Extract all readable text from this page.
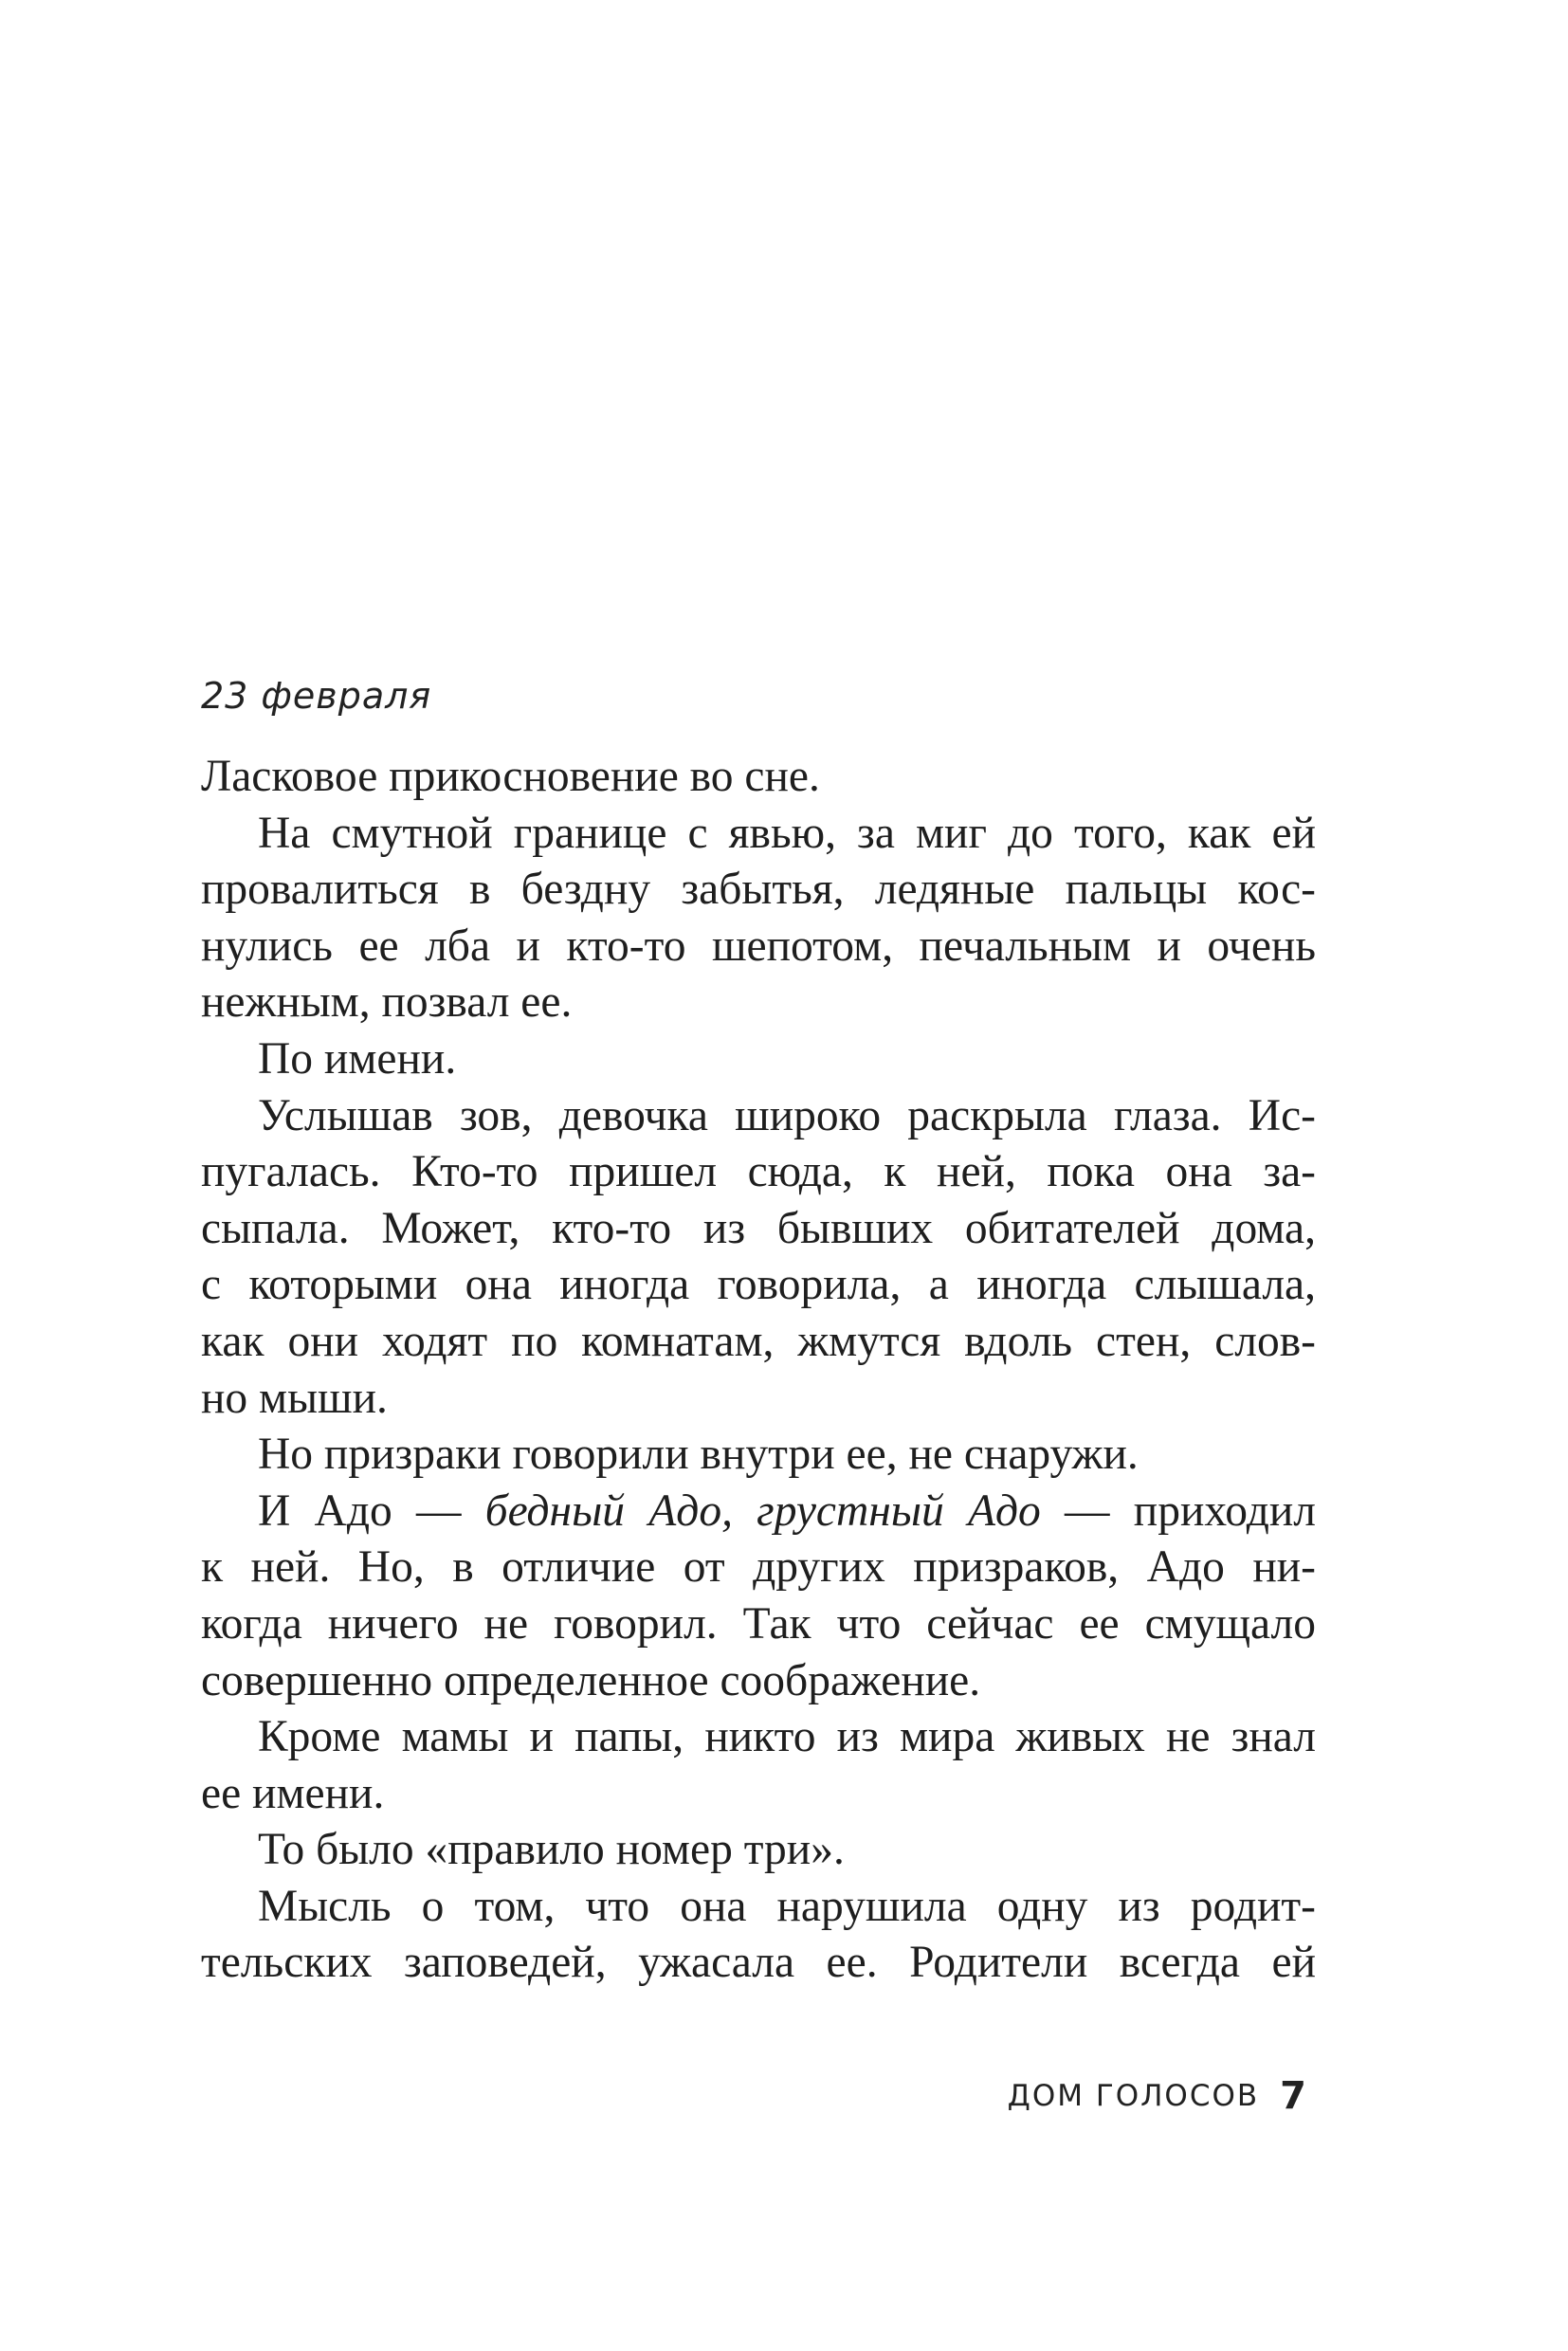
23 февраля
Ласковое прикосновение во сне.
На смутной границе с явью, за миг до того, как ей
провалиться в бездну забытья, ледяные пальцы кос-
нулись ее лба и кто-то шепотом, печальным и очень
нежным, позвал ее.
По имени.
Услышав зов, девочка широко раскрыла глаза. Ис-
пугалась. Кто-то пришел сюда, к ней, пока она за-
сыпала. Может, кто-то из бывших обитателей дома,
с которыми она иногда говорила, а иногда слышала,
как они ходят по комнатам, жмутся вдоль стен, слов-
но мыши.
Но призраки говорили внутри ее, не снаружи.
И Адо — бедный Адо, грустный Адо — приходил
к ней. Но, в отличие от других призраков, Адо ни-
когда ничего не говорил. Так что сейчас ее смущало
совершенно определенное соображение.
Кроме мамы и папы, никто из мира живых не знал
ее имени.
То было «правило номер три».
Мысль о том, что она нарушила одну из родит-
тельских заповедей, ужасала ее. Родители всегда ей
ДОМ ГОЛОСОВ 7
